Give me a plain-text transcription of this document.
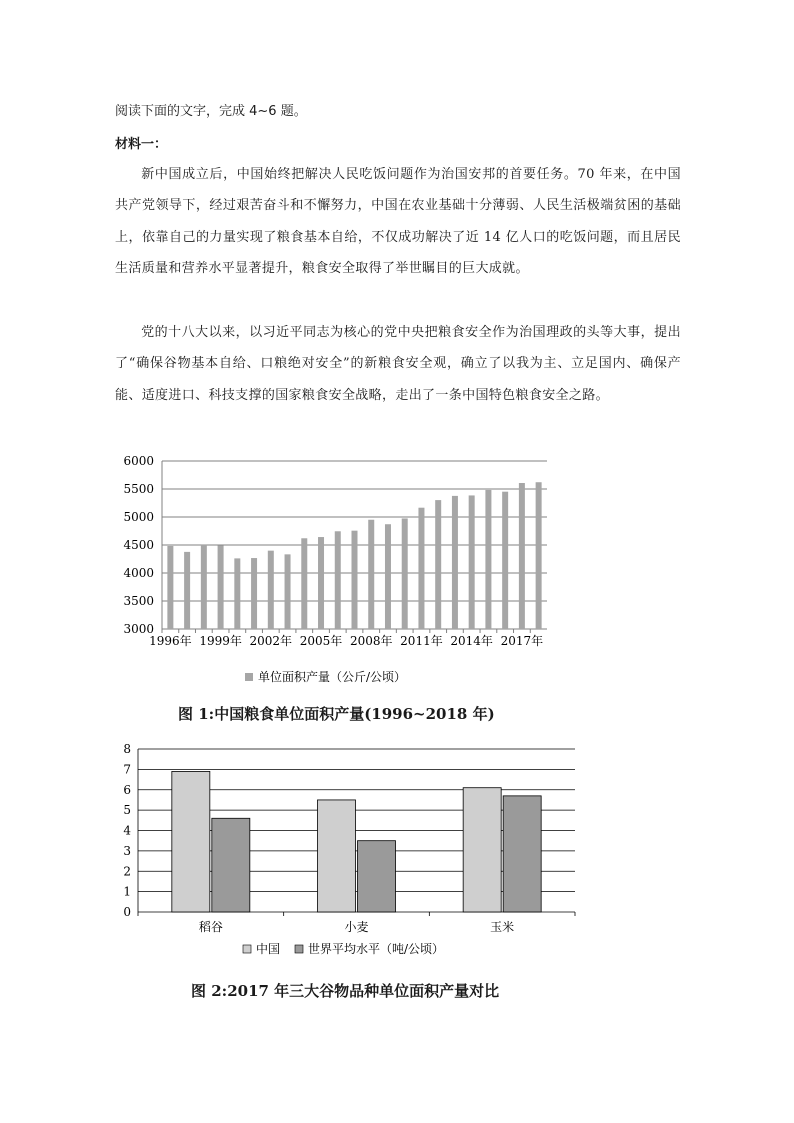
阅读下面的文字，完成 4~6 题。
材料一：
新中国成立后，中国始终把解决人民吃饭问题作为治国安邦的首要任务。70 年来，在中国共产党领导下，经过艰苦奋斗和不懈努力，中国在农业基础十分薄弱、人民生活极端贫困的基础上，依靠自己的力量实现了粮食基本自给，不仅成功解决了近 14 亿人口的吃饭问题，而且居民生活质量和营养水平显著提升，粮食安全取得了举世瞩目的巨大成就。
党的十八大以来，以习近平同志为核心的党中央把粮食安全作为治国理政的头等大事，提出了“确保谷物基本自给、口粮绝对安全”的新粮食安全观，确立了以我为主、立足国内、确保产能、适度进口、科技支撑的国家粮食安全战略，走出了一条中国特色粮食安全之路。
3000
3500
4000
4500
5000
5500
6000
1996年 1999年 2002年 2005年 2008年 2011年 2014年 2017年
单位面积产量（公斤/公顷）
图 1:中国粮食单位面积产量(1996~2018 年)
0
1
2
3
4
5
6
7
8
稻谷	小麦	玉米
中国 世界平均水平（吨/公顷）
图 2:2017 年三大谷物品种单位面积产量对比
